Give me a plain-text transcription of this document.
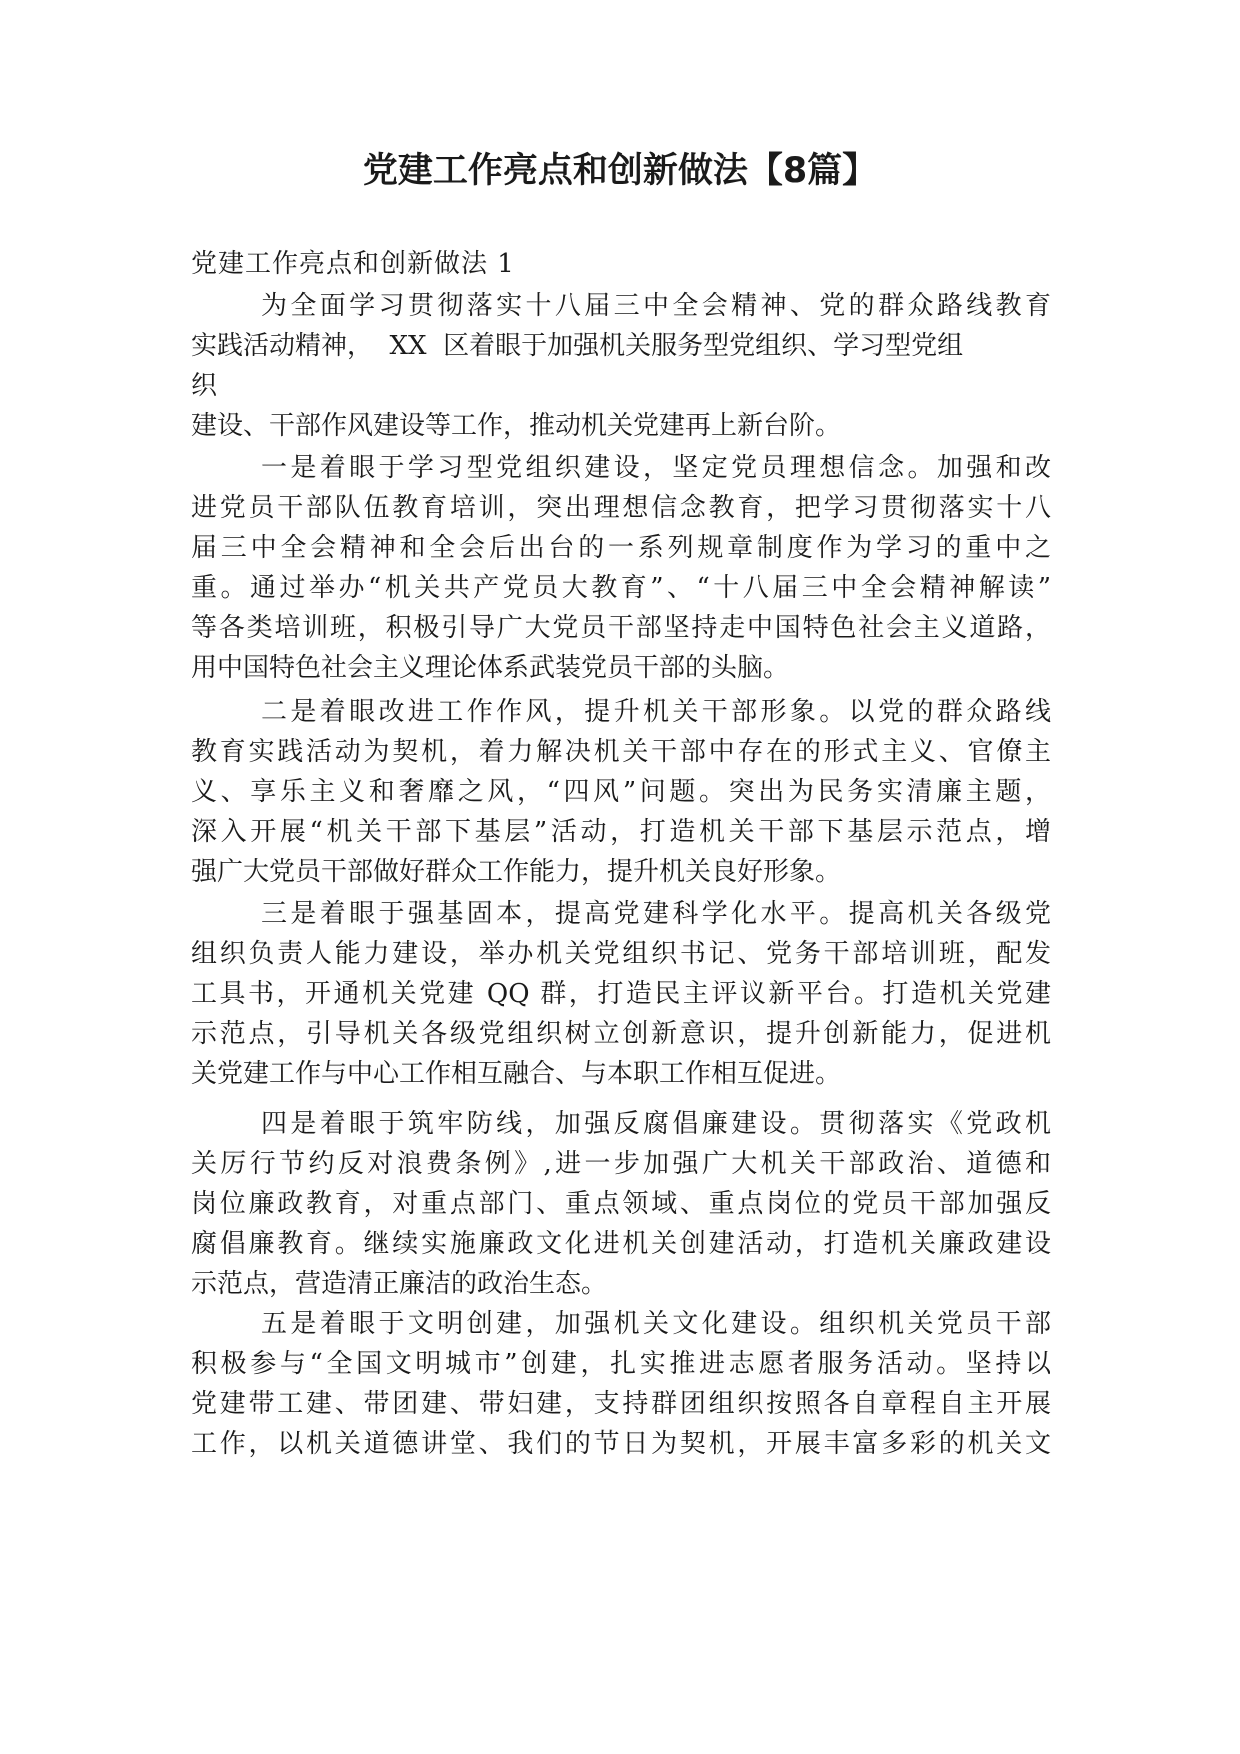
党建工作亮点和创新做法【8篇】

党建工作亮点和创新做法 1

为全面学习贯彻落实十八届三中全会精神、党的群众路线教育
实践活动精神，  XX  区着眼于加强机关服务型党组织、学习型党组
织
建设、干部作风建设等工作，推动机关党建再上新台阶。

一是着眼于学习型党组织建设，坚定党员理想信念。加强和改
进党员干部队伍教育培训，突出理想信念教育，把学习贯彻落实十八
届三中全会精神和全会后出台的一系列规章制度作为学习的重中之
重。通过举办“机关共产党员大教育”、“十八届三中全会精神解读”
等各类培训班，积极引导广大党员干部坚持走中国特色社会主义道路，
用中国特色社会主义理论体系武装党员干部的头脑。

二是着眼改进工作作风，提升机关干部形象。以党的群众路线
教育实践活动为契机，着力解决机关干部中存在的形式主义、官僚主
义、享乐主义和奢靡之风，“四风”问题。突出为民务实清廉主题，
深入开展“机关干部下基层”活动，打造机关干部下基层示范点，增
强广大党员干部做好群众工作能力，提升机关良好形象。

三是着眼于强基固本，提高党建科学化水平。提高机关各级党
组织负责人能力建设，举办机关党组织书记、党务干部培训班，配发
工具书，开通机关党建 QQ 群，打造民主评议新平台。打造机关党建
示范点，引导机关各级党组织树立创新意识，提升创新能力，促进机
关党建工作与中心工作相互融合、与本职工作相互促进。

四是着眼于筑牢防线，加强反腐倡廉建设。贯彻落实《党政机
关厉行节约反对浪费条例》,进一步加强广大机关干部政治、道德和
岗位廉政教育，对重点部门、重点领域、重点岗位的党员干部加强反
腐倡廉教育。继续实施廉政文化进机关创建活动，打造机关廉政建设
示范点，营造清正廉洁的政治生态。

五是着眼于文明创建，加强机关文化建设。组织机关党员干部
积极参与“全国文明城市”创建，扎实推进志愿者服务活动。坚持以
党建带工建、带团建、带妇建，支持群团组织按照各自章程自主开展
工作，以机关道德讲堂、我们的节日为契机，开展丰富多彩的机关文
